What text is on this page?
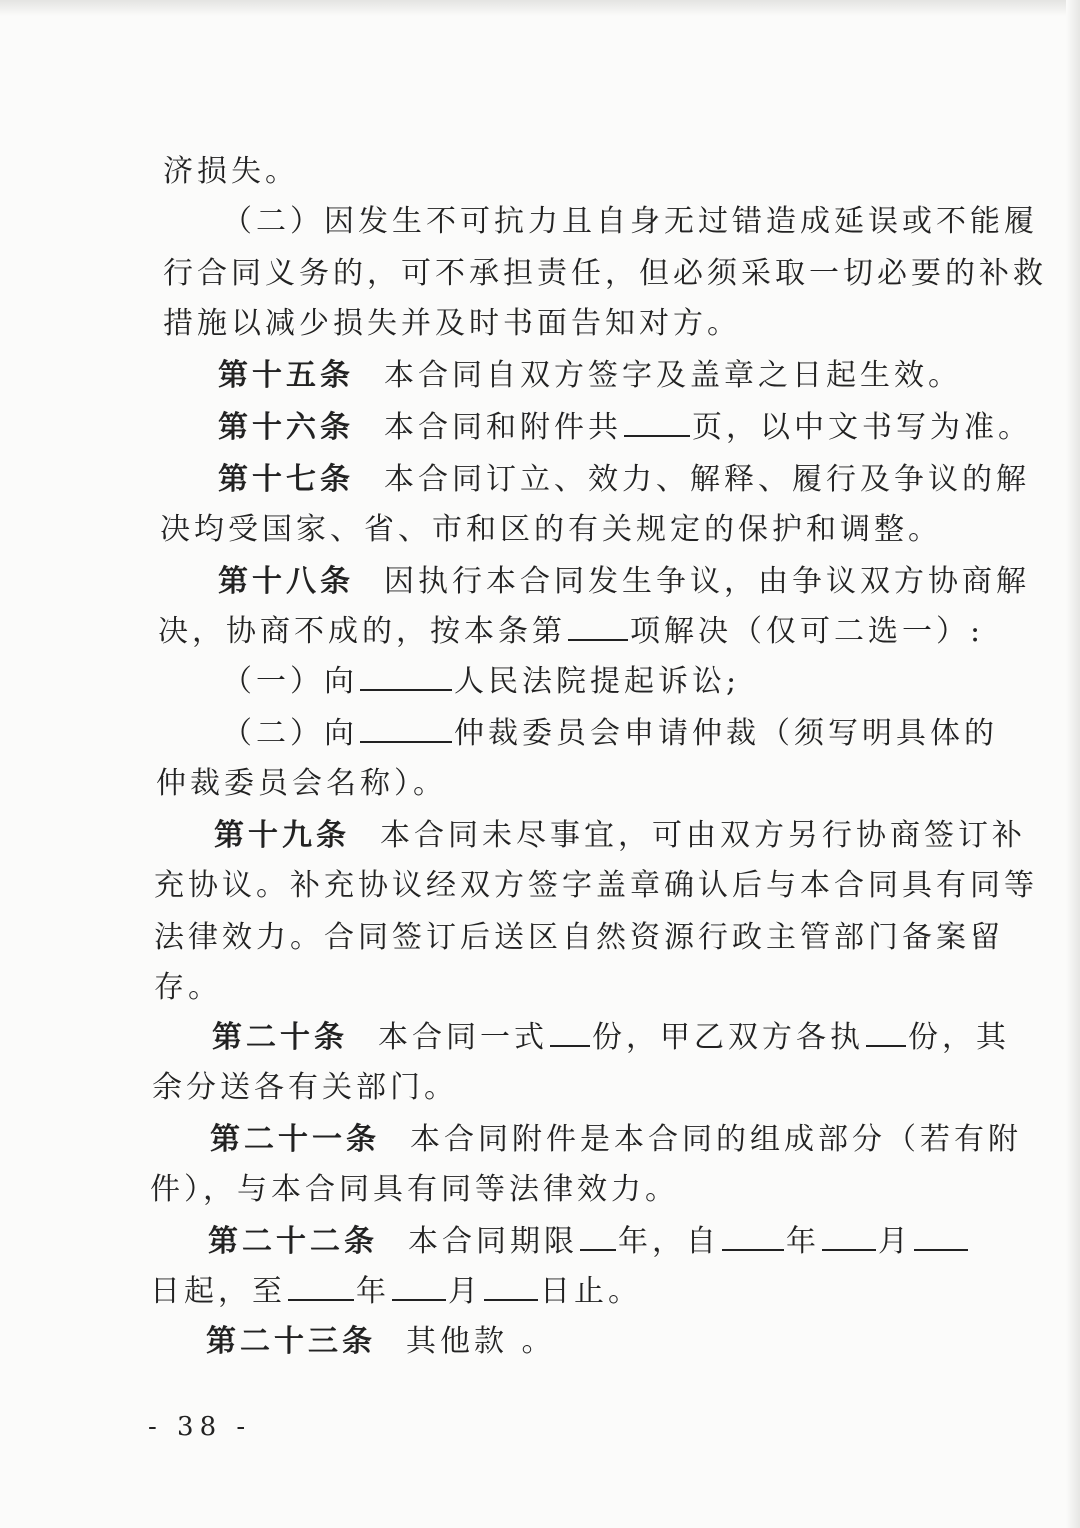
济损失。
（二）因发生不可抗力且自身无过错造成延误或不能履
行合同义务的，可不承担责任，但必须采取一切必要的补救
措施以减少损失并及时书面告知对方。
第十五条 本合同自双方签字及盖章之日起生效。
第十六条 本合同和附件共 页，以中文书写为准。
第十七条 本合同订立、效力、解释、履行及争议的解
决均受国家、省、市和区的有关规定的保护和调整。
第十八条 因执行本合同发生争议，由争议双方协商解
决，协商不成的，按本条第 项解决（仅可二选一）:
（一）向	人民法院提起诉讼;
（二）向	仲裁委员会申请仲裁（须写明具体的
仲裁委员会名称）。
第十九条 本合同未尽事宜，可由双方另行协商签订补
充协议。补充协议经双方签字盖章确认后与本合同具有同等
法律效力。合同签订后送区自然资源行政主管部门备案留
存。
第二十条 本合同一式 份，甲乙双方各执 份，其
余分送各有关部门。
第二十一条 本合同附件是本合同的组成部分（若有附
件），与本合同具有同等法律效力。
第二十二条 本合同期限 年，自 年 月
日起，至 年 月 日止。
第二十三条 其他款 。
- 38 -
